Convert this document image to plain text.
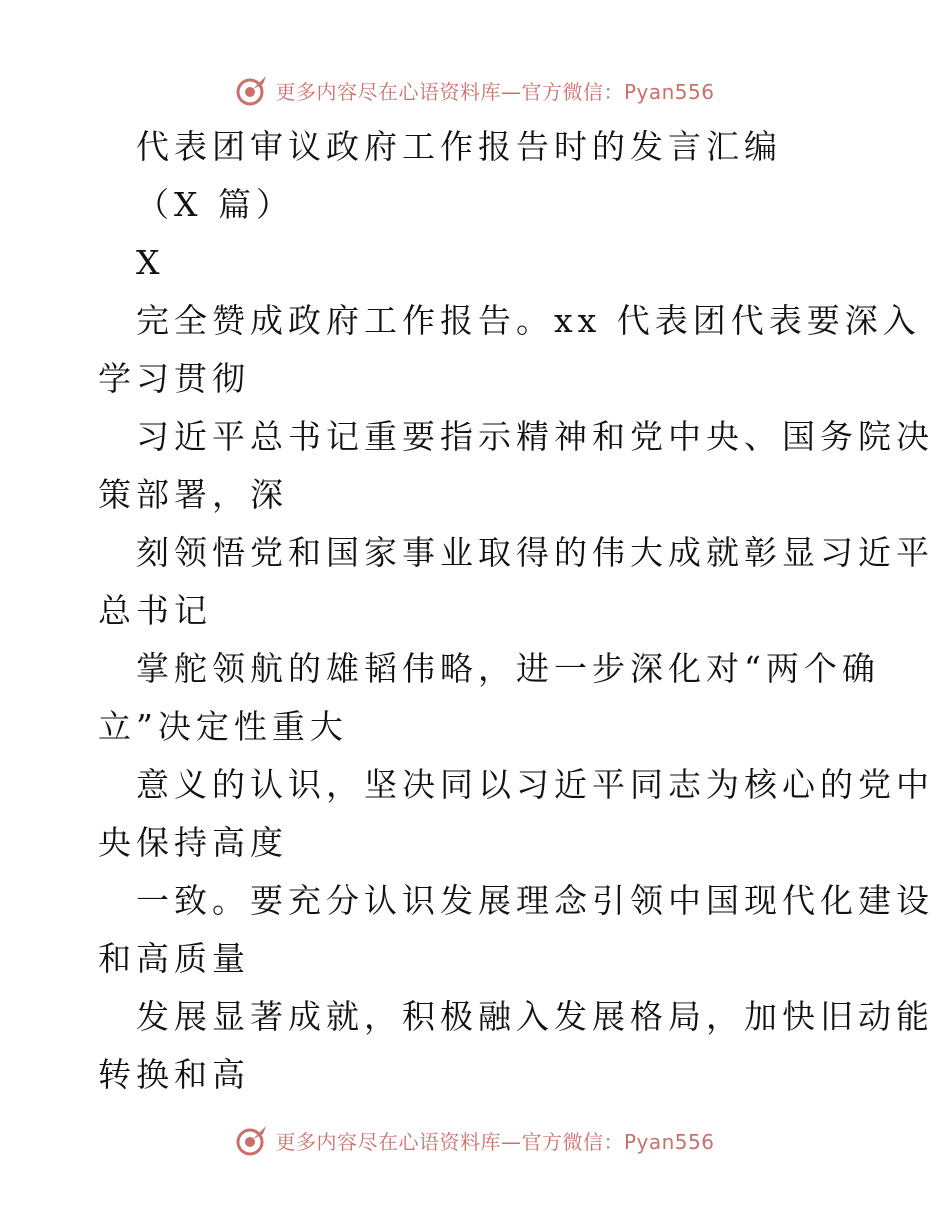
更多内容尽在心语资料库—官方微信：Pyan556
代表团审议政府工作报告时的发言汇编
（X 篇）
X
完全赞成政府工作报告。xx 代表团代表要深入
学习贯彻
习近平总书记重要指示精神和党中央、国务院决
策部署，深
刻领悟党和国家事业取得的伟大成就彰显习近平
总书记
掌舵领航的雄韬伟略，进一步深化对“两个确
立”决定性重大
意义的认识，坚决同以习近平同志为核心的党中
央保持高度
一致。要充分认识发展理念引领中国现代化建设
和高质量
发展显著成就，积极融入发展格局，加快旧动能
转换和高
更多内容尽在心语资料库—官方微信：Pyan556
